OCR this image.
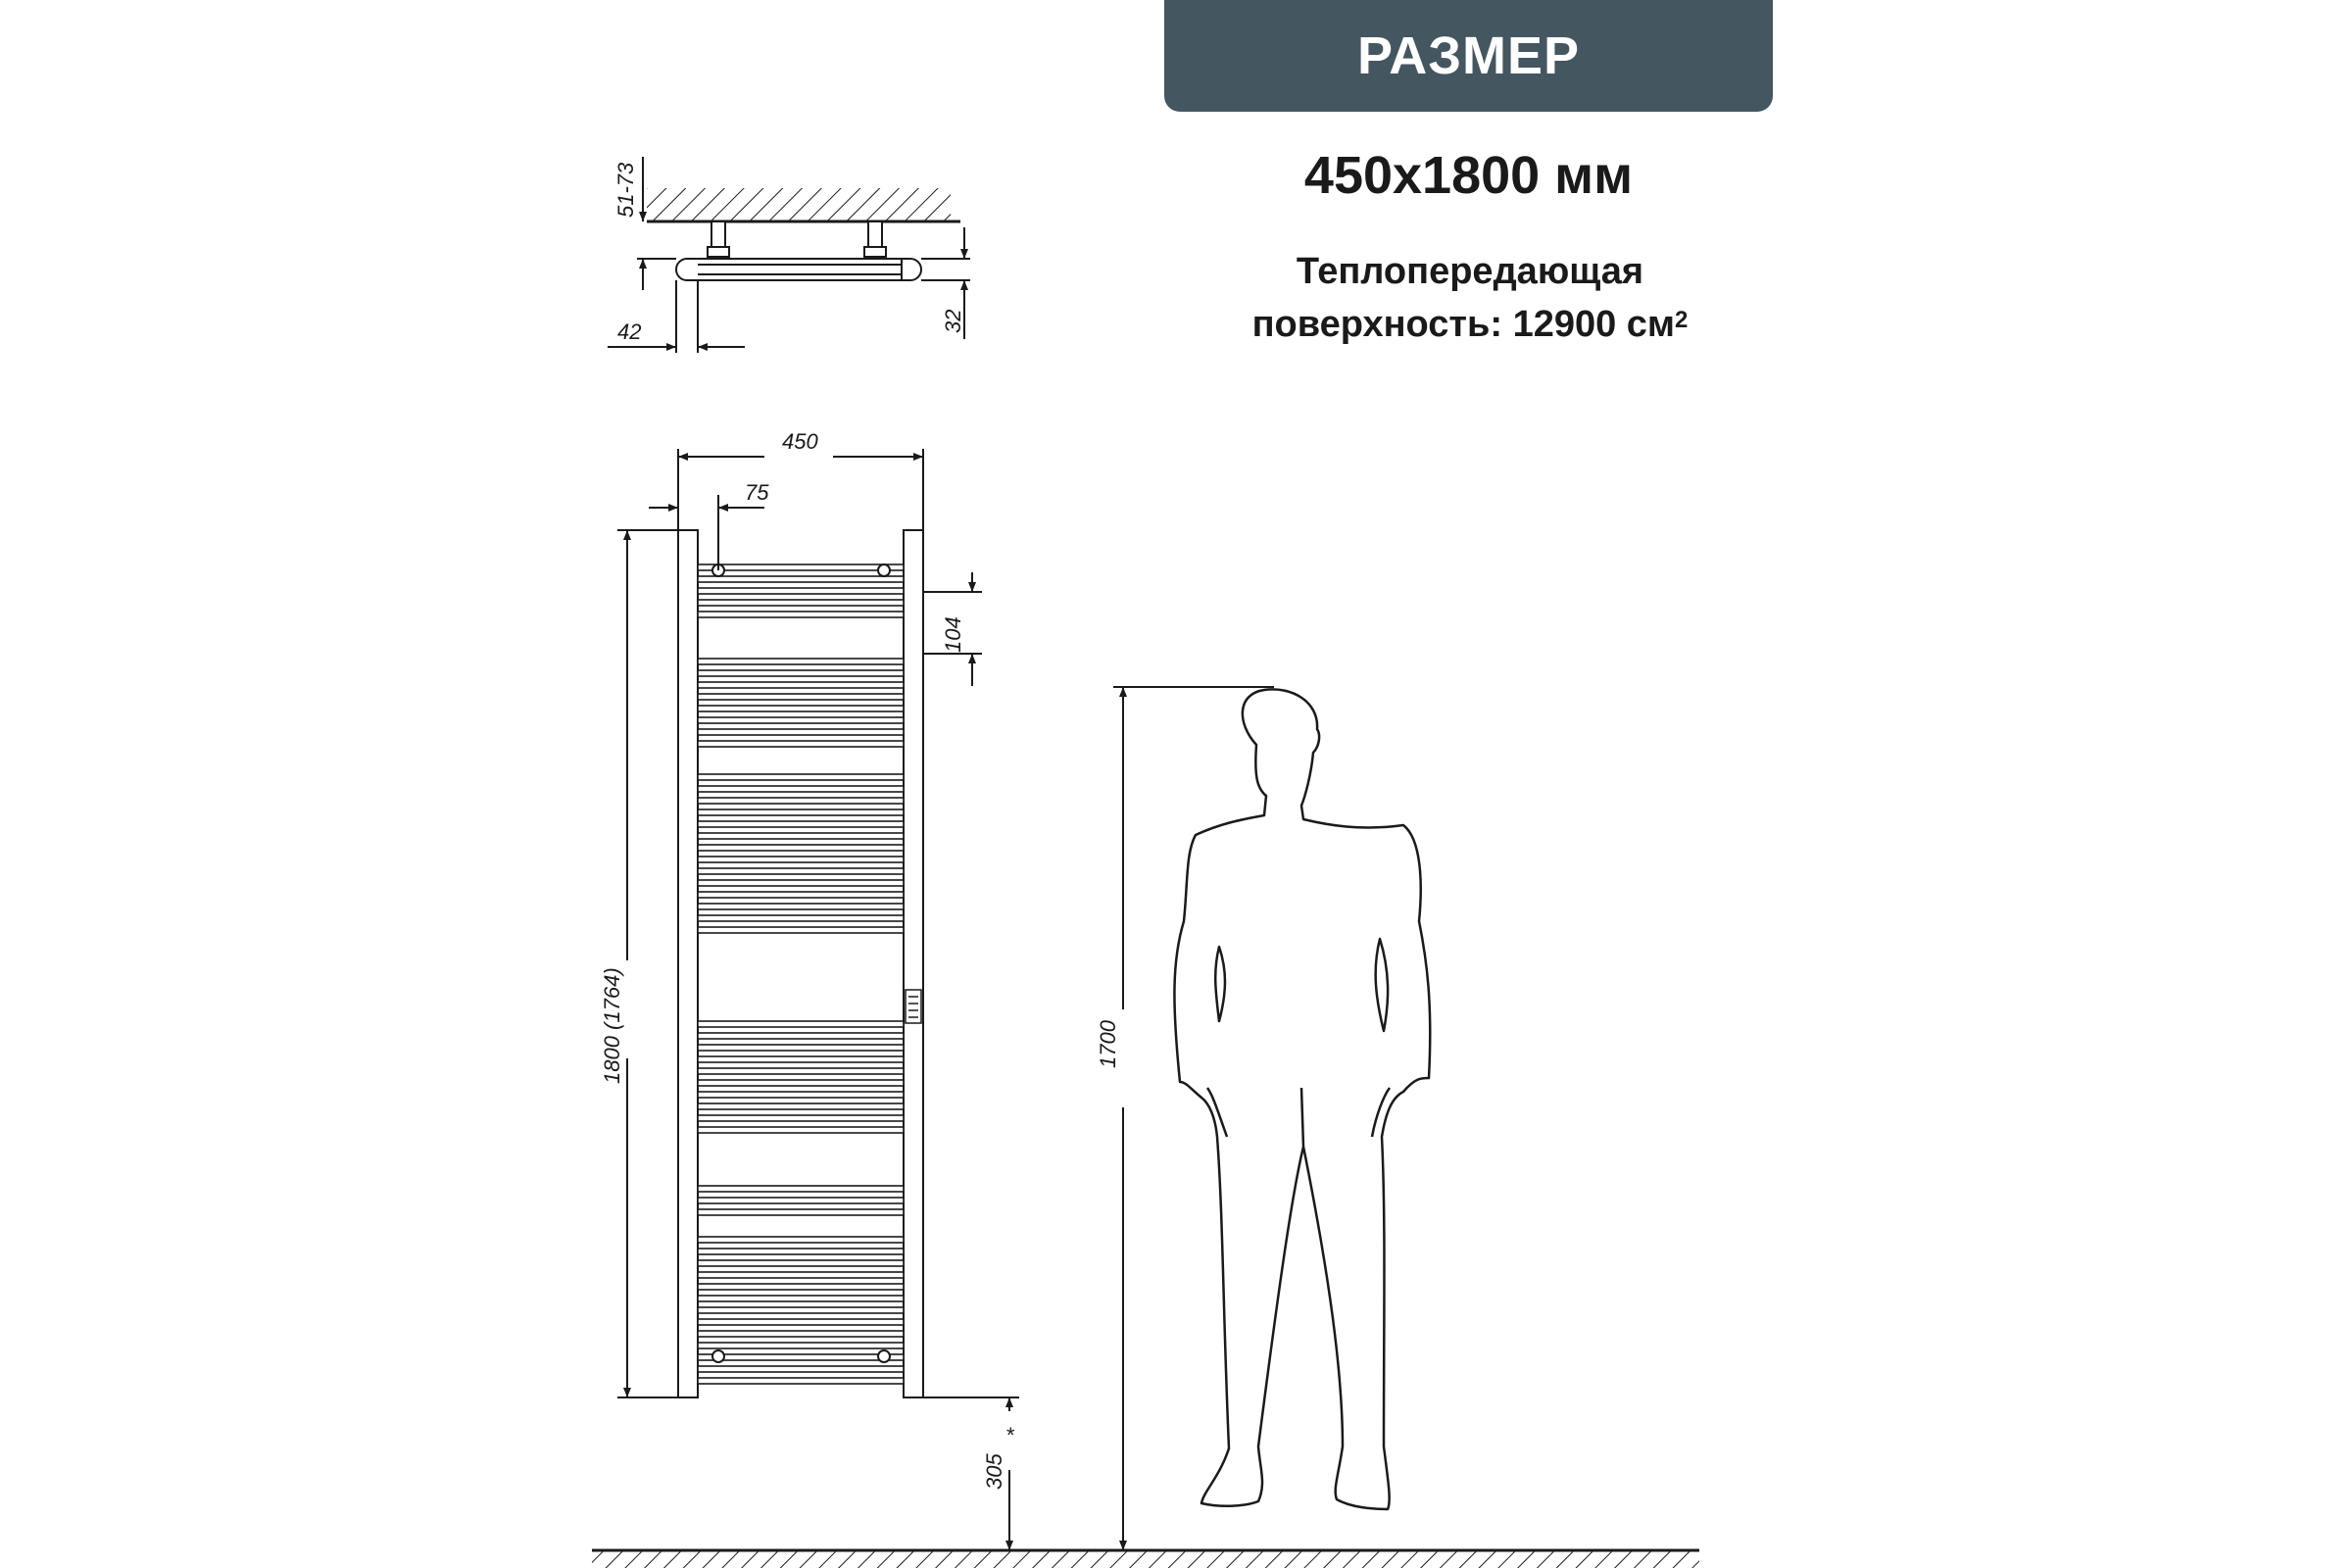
РАЗМЕР
450x1800 мм
Теплопередающая
поверхность: 12900 $см^2$
51-73
42	32
450
75
104
1800 (1764)
305
*
1700
